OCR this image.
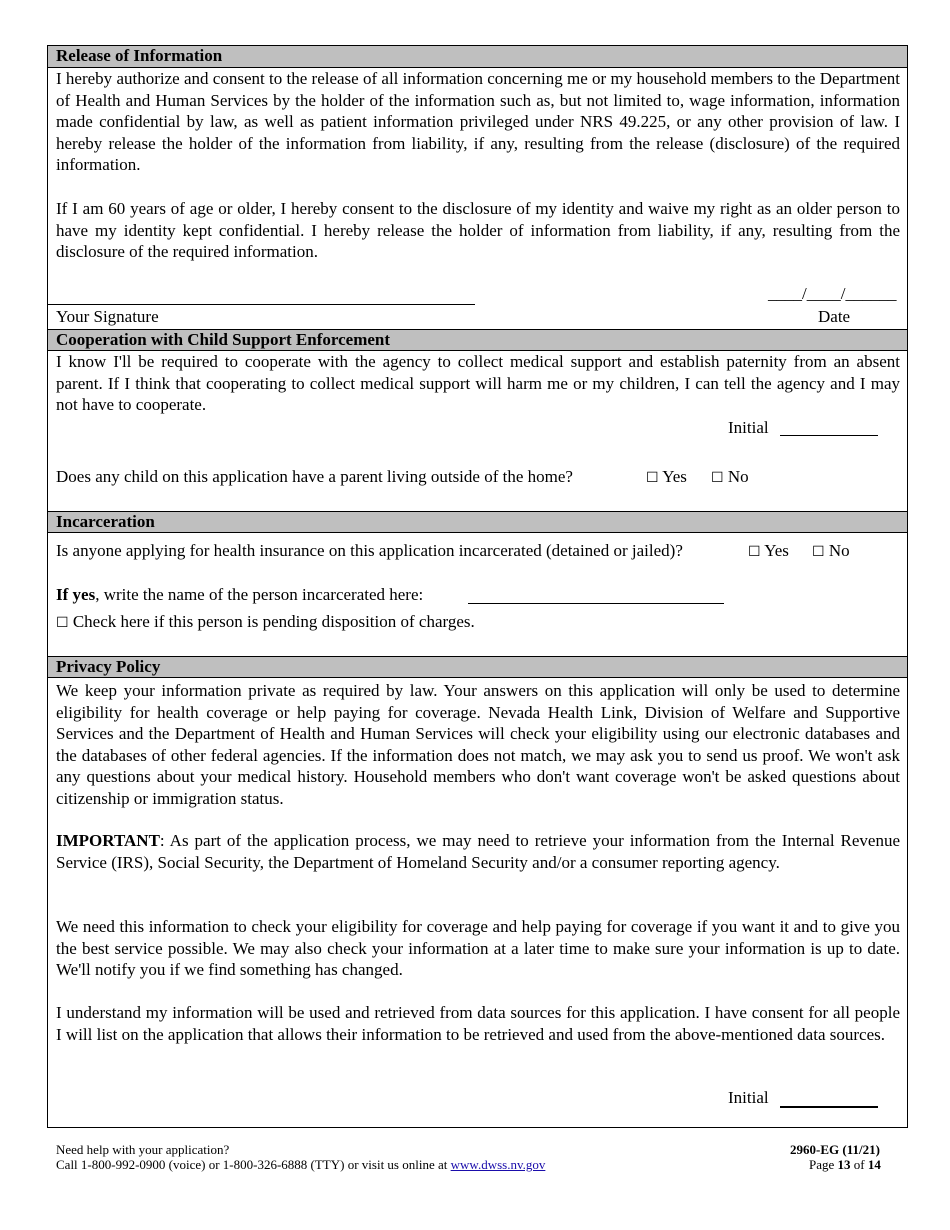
Release of Information

I hereby authorize and consent to the release of all information concerning me or my household members to the Department of Health and Human Services by the holder of the information such as, but not limited to, wage information, information made confidential by law, as well as patient information privileged under NRS 49.225, or any other provision of law. I hereby release the holder of the information from liability, if any, resulting from the release (disclosure) of the required information.

If I am 60 years of age or older, I hereby consent to the disclosure of my identity and waive my right as an older person to have my identity kept confidential. I hereby release the holder of information from liability, if any, resulting from the disclosure of the required information.

Your Signature
____/____/______
Date
Cooperation with Child Support Enforcement

I know I'll be required to cooperate with the agency to collect medical support and establish paternity from an absent parent. If I think that cooperating to collect medical support will harm me or my children, I can tell the agency and I may not have to cooperate.

Initial
Does any child on this application have a parent living outside of the home?	☐ Yes ☐ No
Incarceration
Is anyone applying for health insurance on this application incarcerated (detained or jailed)?	☐ Yes ☐ No
If yes, write the name of the person incarcerated here:
☐ Check here if this person is pending disposition of charges.
Privacy Policy

We keep your information private as required by law. Your answers on this application will only be used to determine eligibility for health coverage or help paying for coverage. Nevada Health Link, Division of Welfare and Supportive Services and the Department of Health and Human Services will check your eligibility using our electronic databases and the databases of other federal agencies. If the information does not match, we may ask you to send us proof. We won't ask any questions about your medical history. Household members who don't want coverage won't be asked questions about citizenship or immigration status.

IMPORTANT: As part of the application process, we may need to retrieve your information from the Internal Revenue Service (IRS), Social Security, the Department of Homeland Security and/or a consumer reporting agency.

We need this information to check your eligibility for coverage and help paying for coverage if you want it and to give you the best service possible. We may also check your information at a later time to make sure your information is up to date. We'll notify you if we find something has changed.

I understand my information will be used and retrieved from data sources for this application. I have consent for all people I will list on the application that allows their information to be retrieved and used from the above-mentioned data sources.

Initial
Need help with your application?
Call 1-800-992-0900 (voice) or 1-800-326-6888 (TTY) or visit us online at www.dwss.nv.gov
2960-EG (11/21)
Page 13 of 14
